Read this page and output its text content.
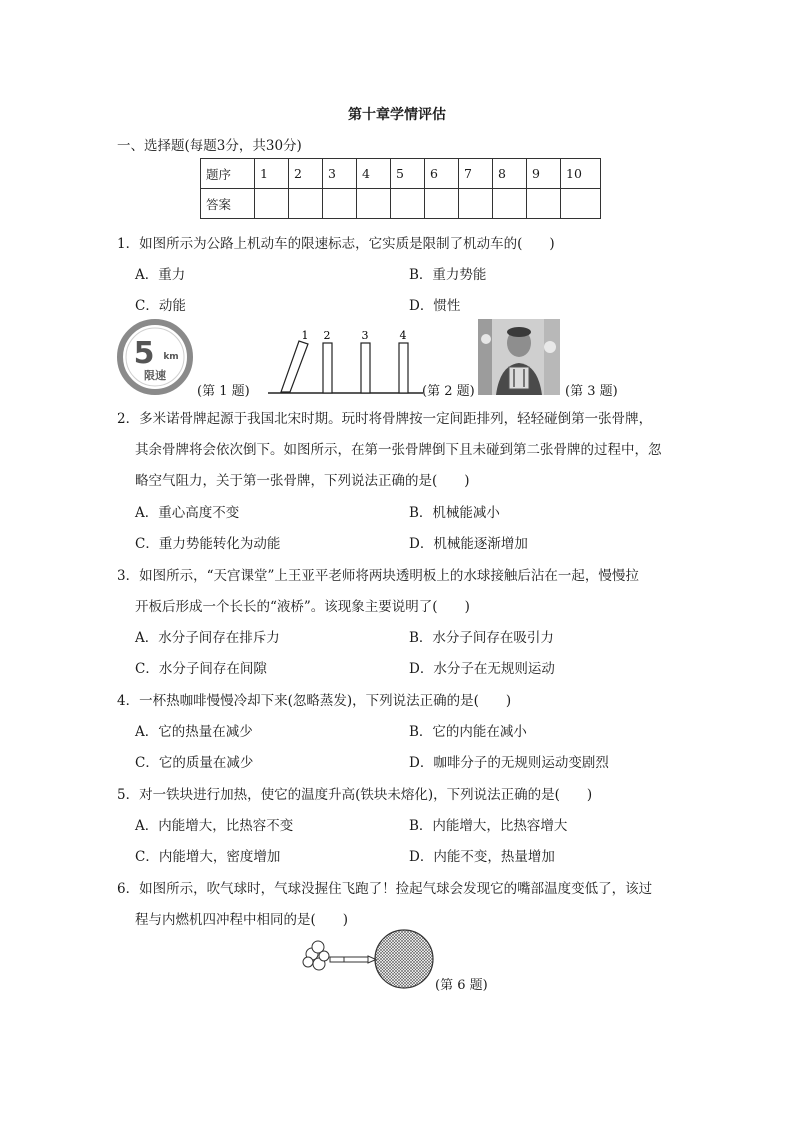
第十章学情评估
一、选择题(每题3分，共30分)
题序	1	2	3	4	5	6	7	8	9	10
答案										
1．如图所示为公路上机动车的限速标志，它实质是限制了机动车的(　　)
A．重力	B．重力势能
C．动能	D．惯性
5 km
限速
(第 1 题)
1 2	3	4
(第 2 题)	(第 3 题)
2．多米诺骨牌起源于我国北宋时期。玩时将骨牌按一定间距排列，轻轻碰倒第一张骨牌，
其余骨牌将会依次倒下。如图所示，在第一张骨牌倒下且未碰到第二张骨牌的过程中，忽
略空气阻力，关于第一张骨牌，下列说法正确的是(　　)
A．重心高度不变	B．机械能减小
C．重力势能转化为动能	D．机械能逐渐增加
3．如图所示，“天宫课堂”上王亚平老师将两块透明板上的水球接触后沾在一起，慢慢拉
开板后形成一个长长的“液桥”。该现象主要说明了(　　)
A．水分子间存在排斥力	B．水分子间存在吸引力
C．水分子间存在间隙	D．水分子在无规则运动
4．一杯热咖啡慢慢冷却下来(忽略蒸发)，下列说法正确的是(　　)
A．它的热量在减少	B．它的内能在减小
C．它的质量在减少	D．咖啡分子的无规则运动变剧烈
5．对一铁块进行加热，使它的温度升高(铁块未熔化)，下列说法正确的是(　　)
A．内能增大，比热容不变	B．内能增大，比热容增大
C．内能增大，密度增加	D．内能不变，热量增加
6．如图所示，吹气球时，气球没握住飞跑了！捡起气球会发现它的嘴部温度变低了，该过
程与内燃机四冲程中相同的是(　　)
(第 6 题)
